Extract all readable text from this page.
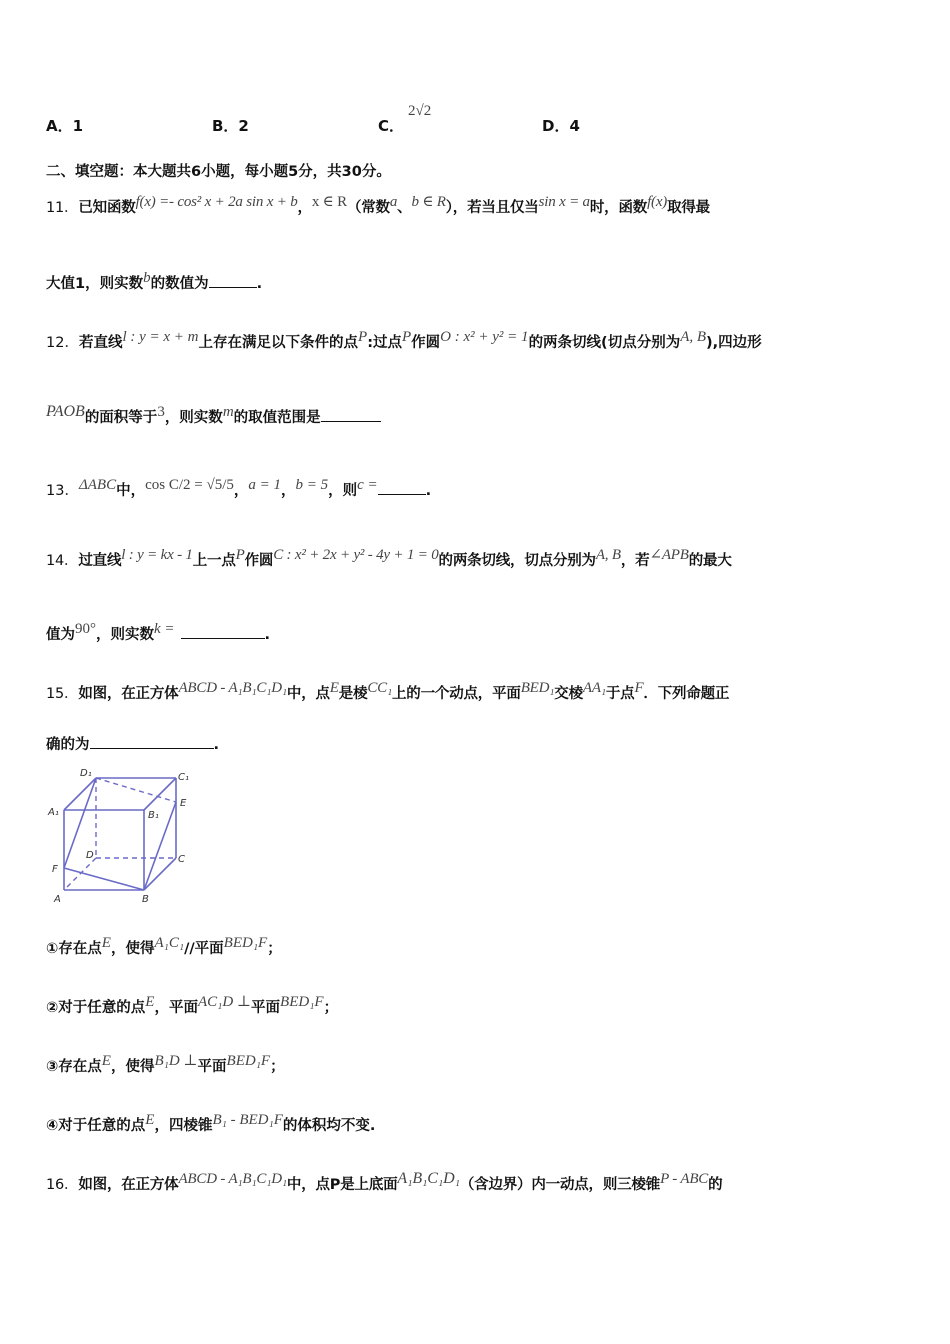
A．1	B．2	C．
2√2
D．4
二、填空题：本大题共6小题，每小题5分，共30分。
11．已知函数f(x) =- cos² x + 2a sin x + b，x ∈ R（常数a、b ∈ R），若当且仅当sin x = a时，函数f(x)取得最
大值1，则实数b的数值为	.
12．若直线l : y = x + m上存在满足以下条件的点P:过点P作圆O : x² + y² = 1的两条切线(切点分别为A, B),四边形
PAOB的面积等于3，则实数m的取值范围是
13．ΔABC中，cos C/2 = √5/5，a = 1，b = 5，则c =	.
14．过直线l : y = kx - 1上一点P作圆C : x² + 2x + y² - 4y + 1 = 0的两条切线，切点分别为A, B，若∠APB的最大
值为90°，则实数k =	.
15．如图，在正方体ABCD - A₁B₁C₁D₁中，点E是棱CC₁上的一个动点，平面BED₁交棱AA₁于点F．下列命题正
确的为	.
D₁	C₁
A₁	B₁
E
D	C
F
A	B
①存在点E，使得A₁C₁//平面BED₁F；
②对于任意的点E，平面AC₁D ⊥平面BED₁F；
③存在点E，使得B₁D ⊥平面BED₁F；
④对于任意的点E，四棱锥B₁ - BED₁F的体积均不变.
16．如图，在正方体ABCD - A₁B₁C₁D₁中，点P是上底面A₁B₁C₁D₁（含边界）内一动点，则三棱锥P - ABC的
